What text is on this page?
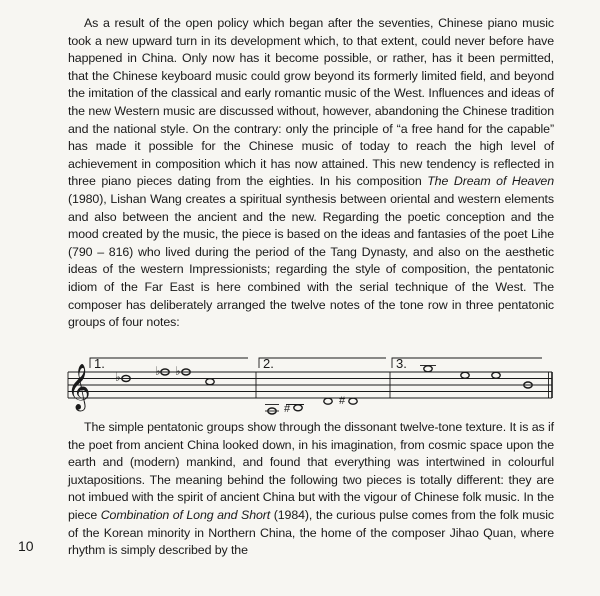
As a result of the open policy which began after the seventies, Chinese piano music took a new upward turn in its development which, to that extent, could never before have happened in China. Only now has it become possible, or rather, has it been permitted, that the Chinese keyboard music could grow beyond its formerly limited field, and beyond the imitation of the classical and early romantic music of the West. Influences and ideas of the new Western music are discussed without, however, abandoning the Chinese tradition and the national style. On the contrary: only the principle of “a free hand for the capable” has made it possible for the Chinese music of today to reach the high level of achievement in composition which it has now attained. This new tendency is reflected in three piano pieces dating from the eighties. In his composition The Dream of Heaven (1980), Lishan Wang creates a spiritual synthesis between oriental and western elements and also between the ancient and the new. Regarding the poetic conception and the mood created by the music, the piece is based on the ideas and fantasies of the poet Lihe (790 – 816) who lived during the period of the Tang Dynasty, and also on the aesthetic ideas of the western Impressionists; regarding the style of composition, the pentatonic idiom of the Far East is here combined with the serial technique of the West. The composer has deliberately arranged the twelve notes of the tone row in three pentatonic groups of four notes:

𝄞
1.	2.	3.
♭	♭ ♭
#
#

The simple pentatonic groups show through the dissonant twelve-tone texture. It is as if the poet from ancient China looked down, in his imagination, from cosmic space upon the earth and (modern) mankind, and found that everything was intertwined in colourful juxtapositions. The meaning behind the following two pieces is totally different: they are not imbued with the spirit of ancient China but with the vigour of Chinese folk music. In the piece Combination of Long and Short (1984), the curious pulse comes from the folk music of the Korean minority in Northern China, the home of the composer Jihao Quan, where rhythm is simply described by the

10
